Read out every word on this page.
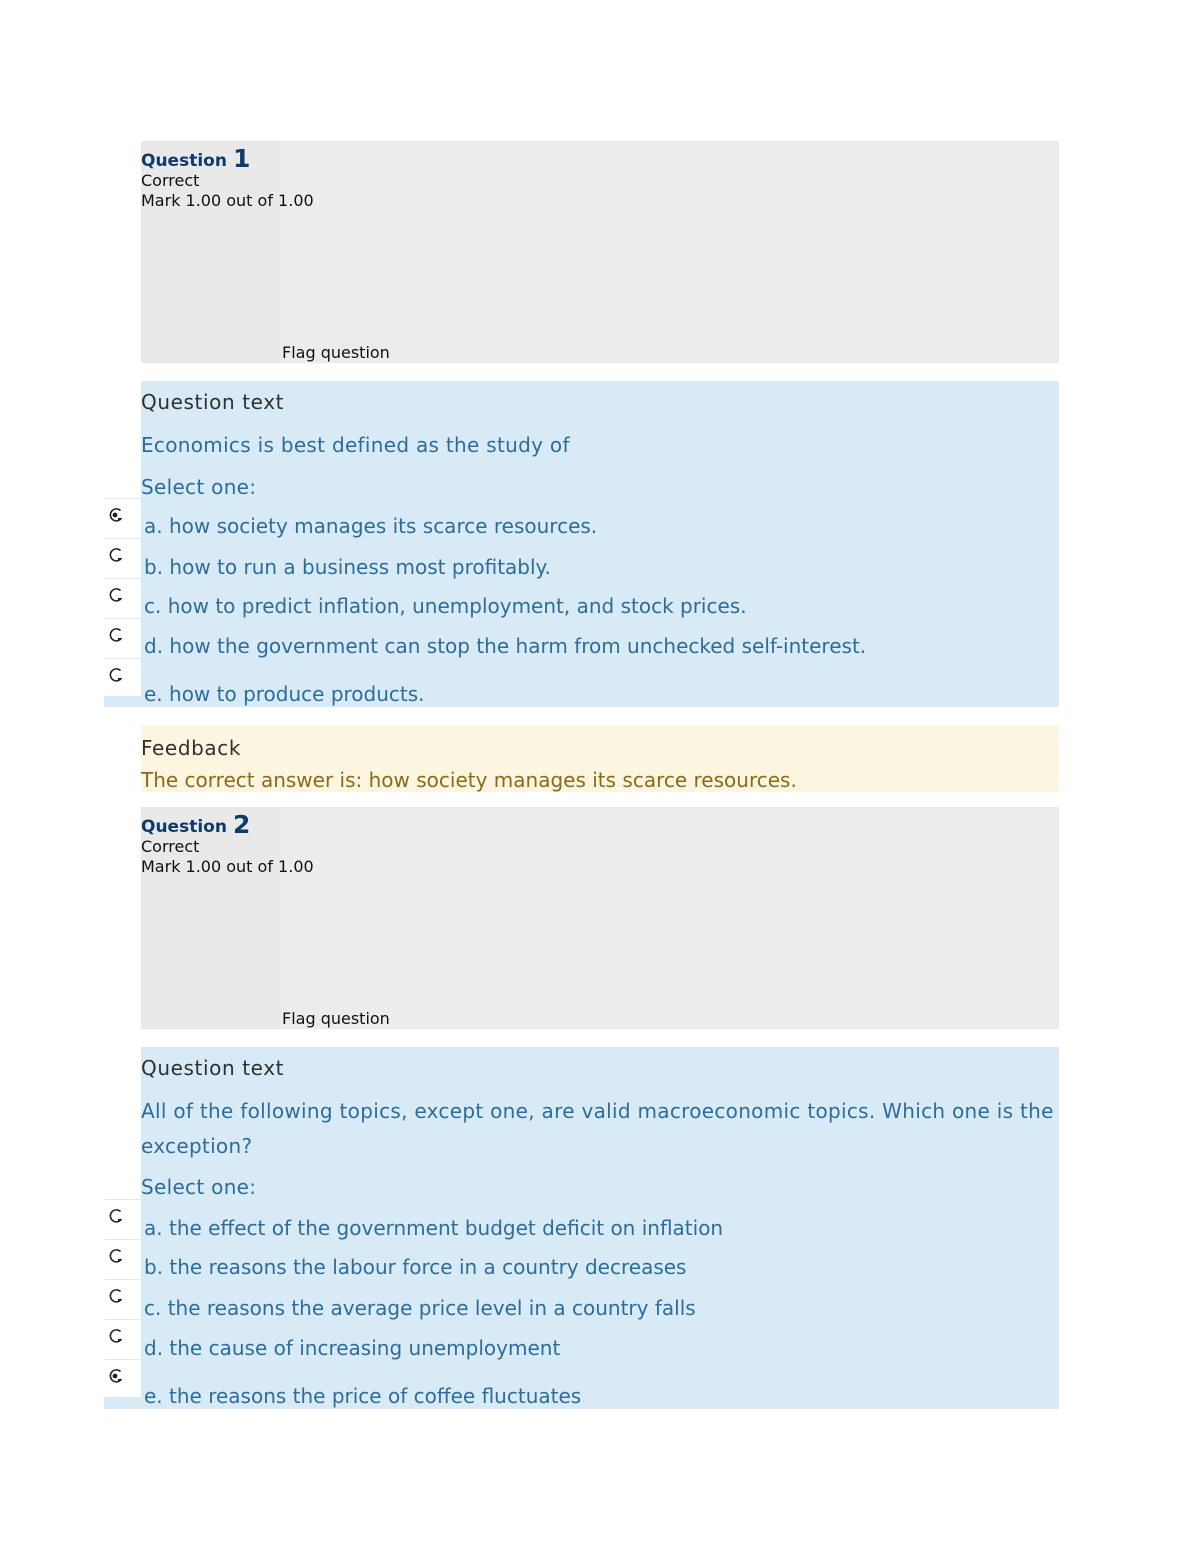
Question 1
Correct
Mark 1.00 out of 1.00
Flag question
Question text
Economics is best defined as the study of
Select one:
a. how society manages its scarce resources.
b. how to run a business most profitably.
c. how to predict inflation, unemployment, and stock prices.
d. how the government can stop the harm from unchecked self-interest.
e. how to produce products.
Feedback
The correct answer is: how society manages its scarce resources.
Question 2
Correct
Mark 1.00 out of 1.00
Flag question
Question text
All of the following topics, except one, are valid macroeconomic topics. Which one is the exception?
Select one:
a. the effect of the government budget deficit on inflation
b. the reasons the labour force in a country decreases
c. the reasons the average price level in a country falls
d. the cause of increasing unemployment
e. the reasons the price of coffee fluctuates
